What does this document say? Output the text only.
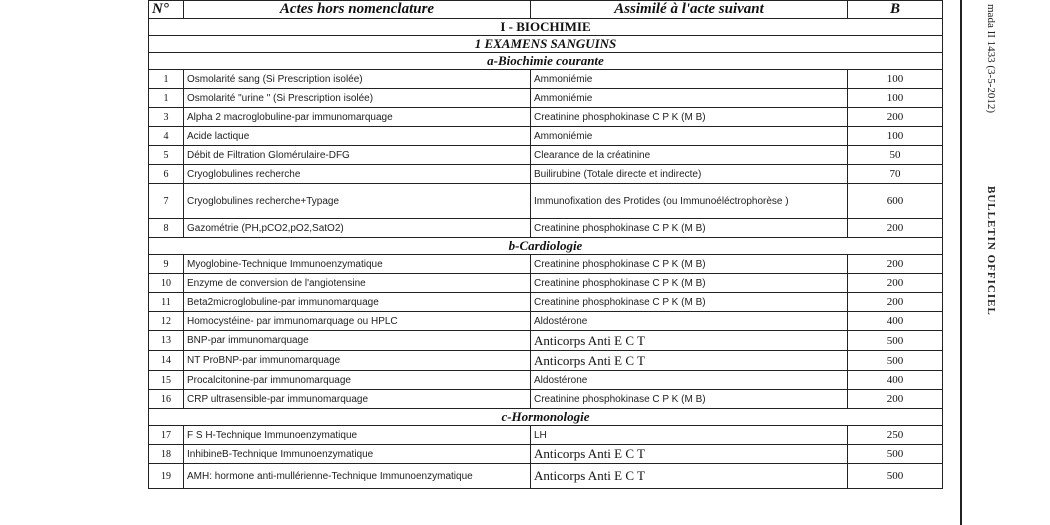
N°	Actes hors nomenclature	Assimilé à l'acte suivant	B
I - BIOCHIMIE			
1 EXAMENS SANGUINS			
a-Biochimie courante			
1	Osmolarité sang (Si Prescription isolée)	Ammoniémie	100
1	Osmolarité "urine " (Si Prescription isolée)	Ammoniémie	100
3	Alpha 2 macroglobuline-par immunomarquage	Creatinine phosphokinase C P K (M B)	200
4	Acide lactique	Ammoniémie	100
5	Débit de Filtration Glomérulaire-DFG	Clearance de la créatinine	50
6	Cryoglobulines recherche	Builirubine (Totale directe et indirecte)	70
7	Cryoglobulines recherche+Typage	Immunofixation des Protides (ou Immunoéléctrophorèse )	600
8	Gazométrie (PH,pCO2,pO2,SatO2)	Creatinine phosphokinase C P K (M B)	200
b-Cardiologie			
9	Myoglobine-Technique Immunoenzymatique	Creatinine phosphokinase C P K (M B)	200
10	Enzyme de conversion de l'angiotensine	Creatinine phosphokinase C P K (M B)	200
11	Beta2microglobuline-par immunomarquage	Creatinine phosphokinase C P K (M B)	200
12	Homocystéine- par immunomarquage ou HPLC	Aldostérone	400
13	BNP-par immunomarquage	Anticorps Anti E C T	500
14	NT ProBNP-par immunomarquage	Anticorps Anti E C T	500
15	Procalcitonine-par immunomarquage	Aldostérone	400
16	CRP ultrasensible-par immunomarquage	Creatinine phosphokinase C P K (M B)	200
c-Hormonologie			
17	F S H-Technique Immunoenzymatique	LH	250
18	InhibineB-Technique Immunoenzymatique	Anticorps Anti E C T	500
19	AMH: hormone anti-mullérienne-Technique Immunoenzymatique	Anticorps Anti E C T	500
mada II 1433 (3-5-2012)
BULLETIN OFFICIEL
